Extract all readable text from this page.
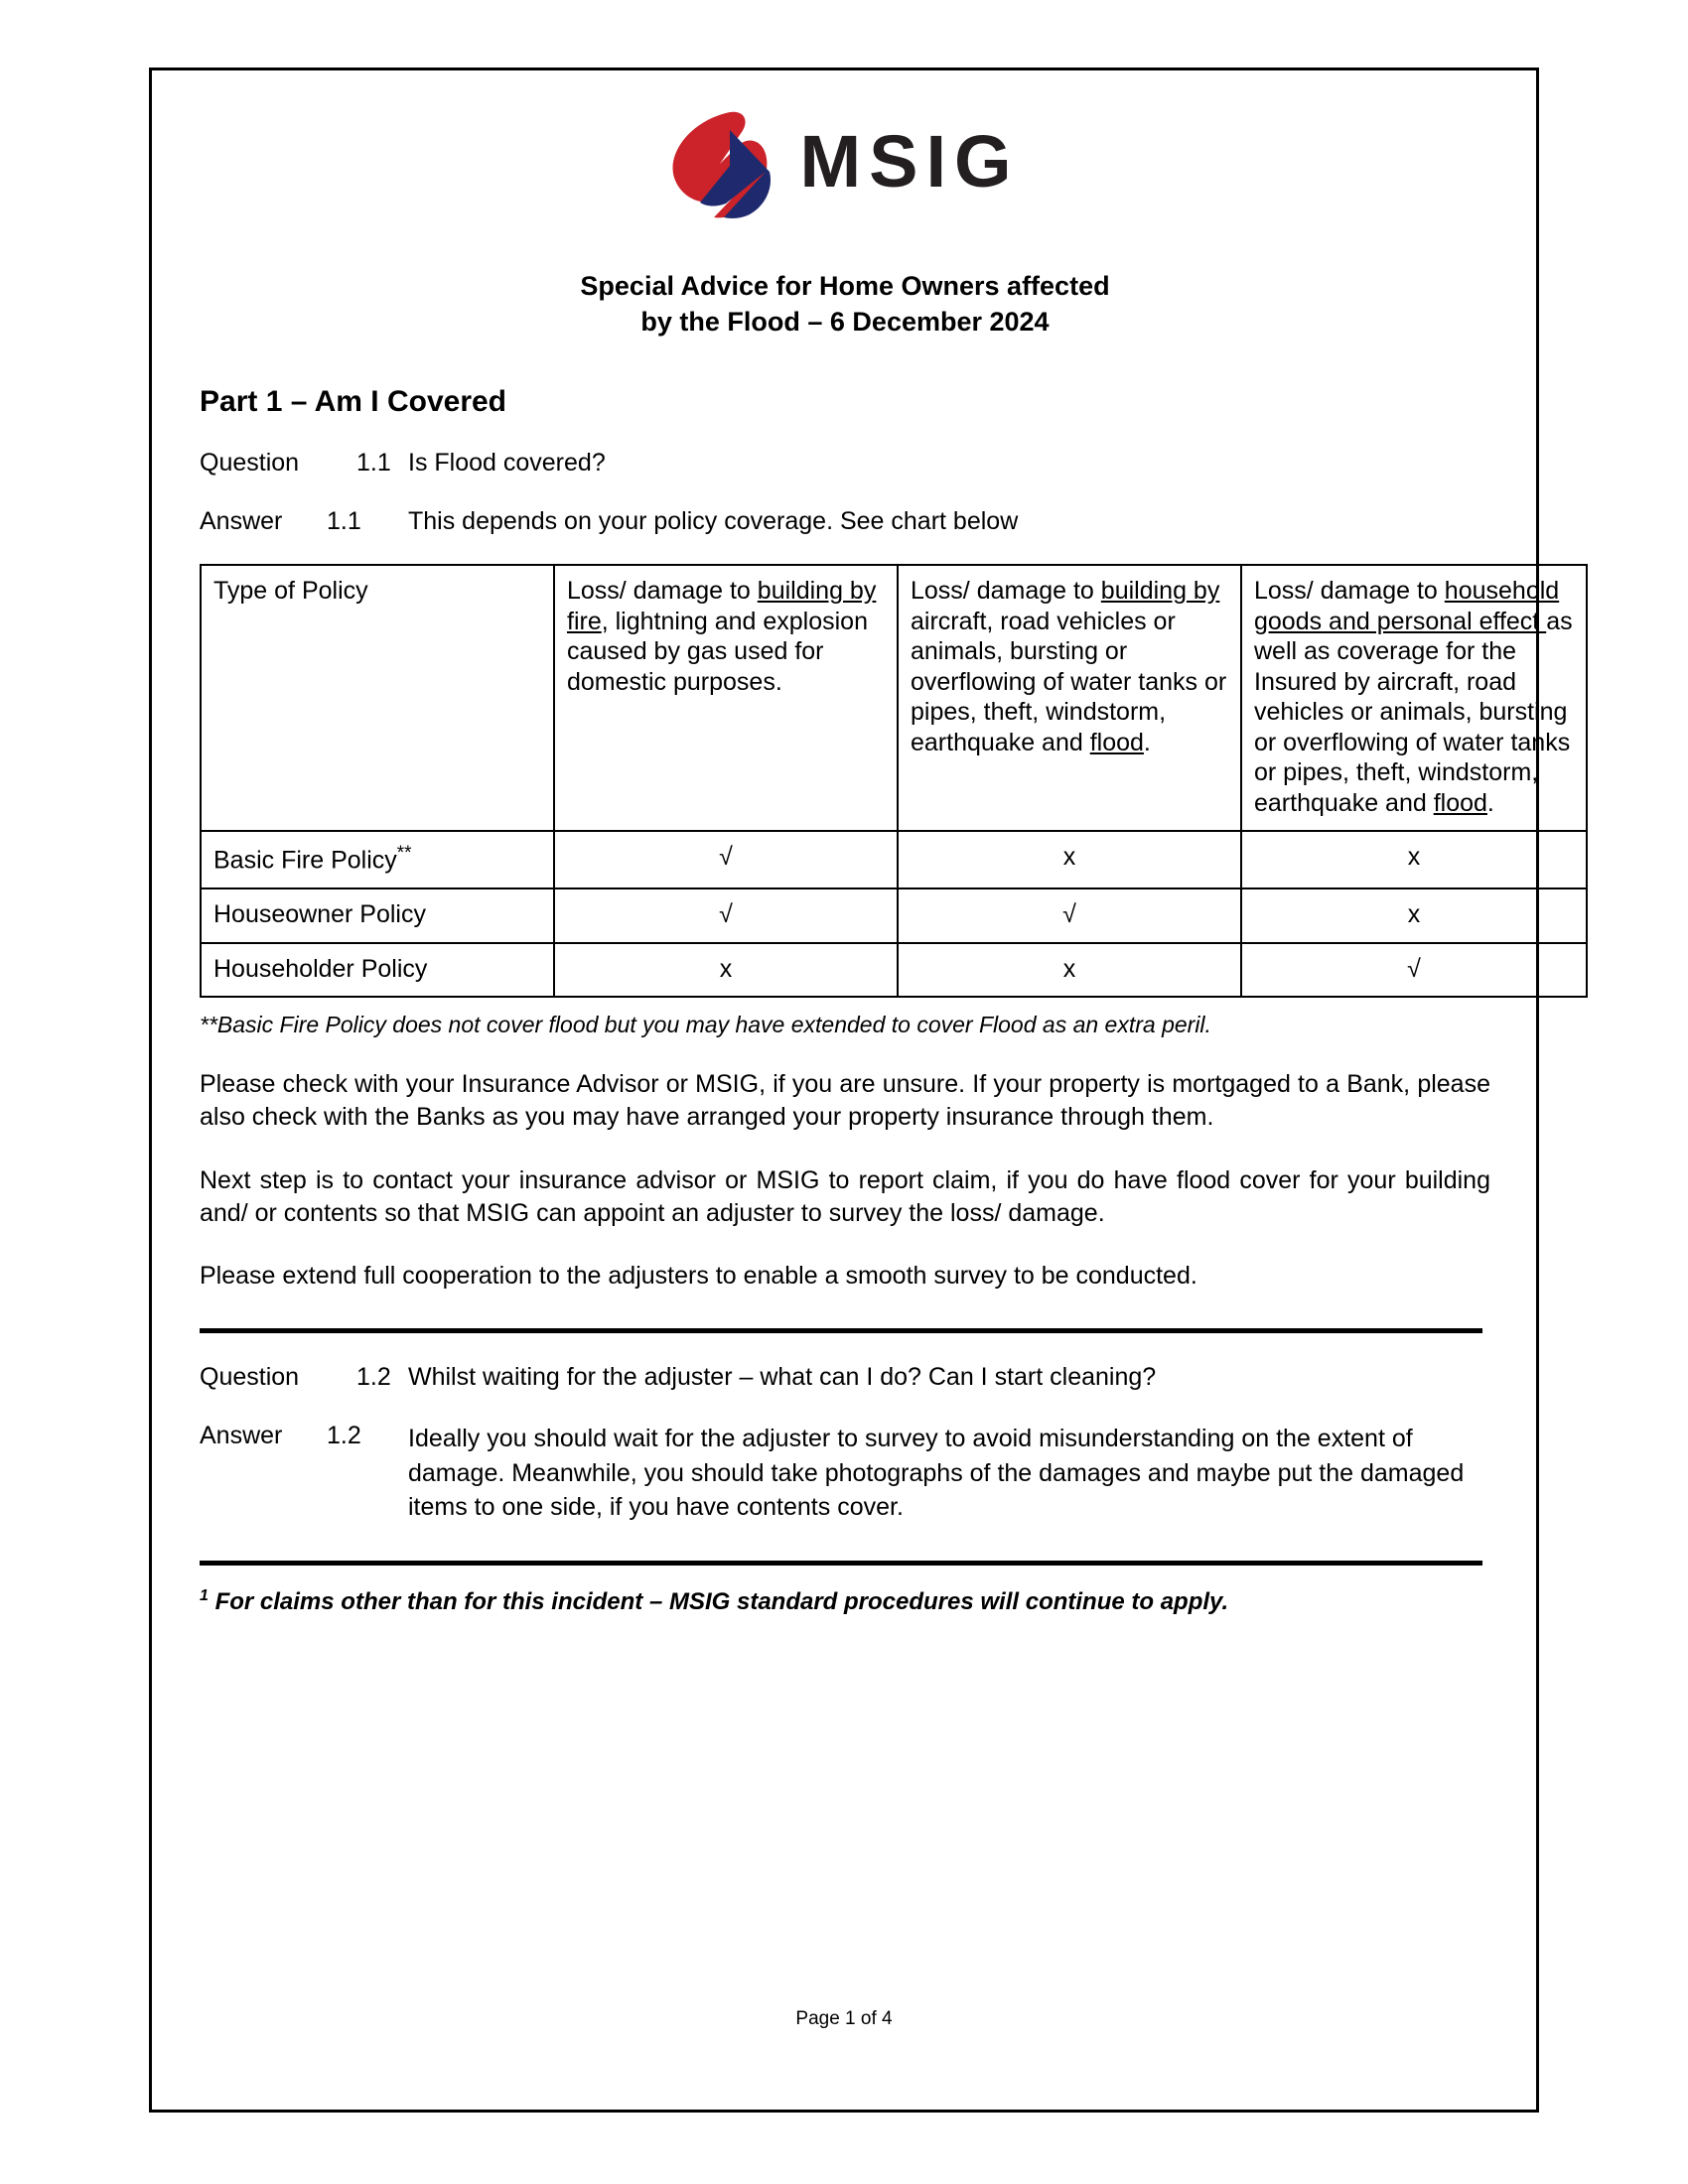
MSIG
Special Advice for Home Owners affected
by the Flood – 6 December 2024
Part 1 – Am I Covered
Question	1.1 Is Flood covered?
Answer	1.1	This depends on your policy coverage. See chart below
Type of Policy	Loss/ damage to building by fire, lightning and explosion caused by gas used for domestic purposes.	Loss/ damage to building by aircraft, road vehicles or animals, bursting or overflowing of water tanks or pipes, theft, windstorm, earthquake and flood.	Loss/ damage to household goods and personal effect as well as coverage for the Insured by aircraft, road vehicles or animals, bursting or overflowing of water tanks or pipes, theft, windstorm, earthquake and flood.
Basic Fire Policy**	√	x	x
Houseowner Policy	√	√	x
Householder Policy	x	x	√
**Basic Fire Policy does not cover flood but you may have extended to cover Flood as an extra peril.

Please check with your Insurance Advisor or MSIG, if you are unsure. If your property is mortgaged to a Bank, please also check with the Banks as you may have arranged your property insurance through them.

Next step is to contact your insurance advisor or MSIG to report claim, if you do have flood cover for your building and/ or contents so that MSIG can appoint an adjuster to survey the loss/ damage.

Please extend full cooperation to the adjusters to enable a smooth survey to be conducted.

Question	1.2 Whilst waiting for the adjuster – what can I do? Can I start cleaning?
Answer	1.2	Ideally you should wait for the adjuster to survey to avoid misunderstanding on the extent of damage. Meanwhile, you should take photographs of the damages and maybe put the damaged items to one side, if you have contents cover.
$^1$ For claims other than for this incident – MSIG standard procedures will continue to apply.
Page 1 of 4
